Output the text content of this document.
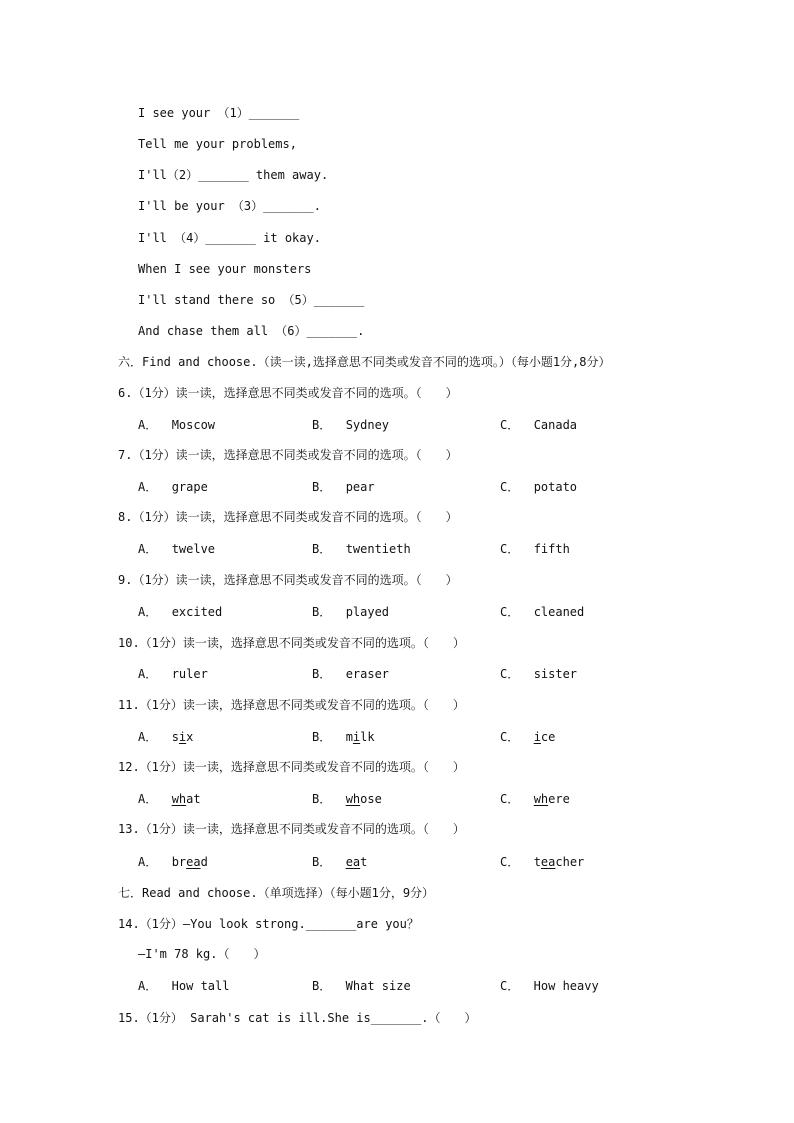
I see your （1）_______
Tell me your problems,
I'll（2）_______ them away.
I'll be your （3）_______.
I'll （4）_______ it okay.
When I see your monsters
I'll stand there so （5）_______
And chase them all （6）_______.
六．Find and choose.（读一读,选择意思不同类或发音不同的选项。）（每小题1分,8分）
6.（1分）读一读，选择意思不同类或发音不同的选项。（　　）
A． Moscow	B． Sydney	C． Canada
7.（1分）读一读，选择意思不同类或发音不同的选项。（　　）
A． grape	B． pear	C． potato
8.（1分）读一读，选择意思不同类或发音不同的选项。（　　）
A． twelve	B． twentieth	C． fifth
9.（1分）读一读，选择意思不同类或发音不同的选项。（　　）
A． excited	B． played	C． cleaned
10.（1分）读一读，选择意思不同类或发音不同的选项。（　　）
A． ruler	B． eraser	C． sister
11.（1分）读一读，选择意思不同类或发音不同的选项。（　　）
A． six	B． milk	C． ice
12.（1分）读一读，选择意思不同类或发音不同的选项。（　　）
A． what	B． whose	C． where
13.（1分）读一读，选择意思不同类或发音不同的选项。（　　）
A． bread	B． eat	C． teacher
七．Read and choose.（单项选择）（每小题1分，9分）
14.（1分）—You look strong._______are you？
—I'm 78 kg.（　　）
A．  How tall	B．  What size	C．  How heavy
15.（1分） Sarah's cat is ill.She is_______.（　　）
